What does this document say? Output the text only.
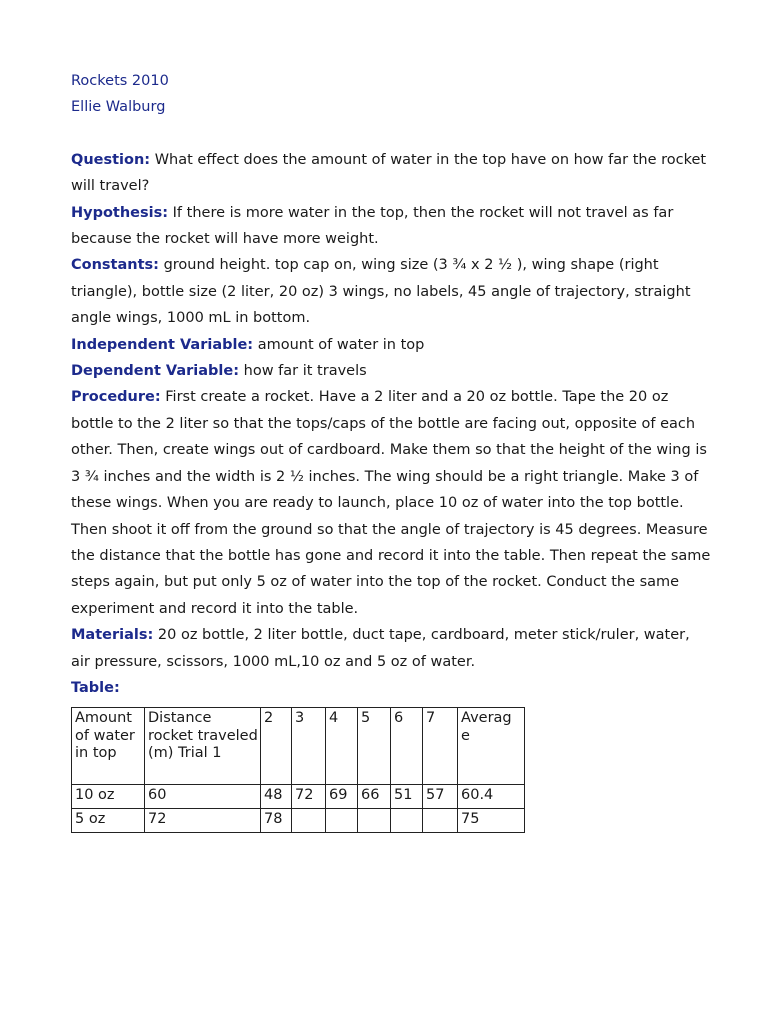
Rockets 2010

Ellie Walburg

Question: What effect does the amount of water in the top have on how far the rocket will travel?

Hypothesis: If there is more water in the top, then the rocket will not travel as far because the rocket will have more weight.

Constants: ground height. top cap on, wing size (3 ¾ x 2 ½ ), wing shape (right triangle), bottle size (2 liter, 20 oz) 3 wings, no labels, 45 angle of trajectory, straight angle wings, 1000 mL in bottom.

Independent Variable: amount of water in top

Dependent Variable: how far it travels

Procedure: First create a rocket. Have a 2 liter and a 20 oz bottle. Tape the 20 oz bottle to the 2 liter so that the tops/caps of the bottle are facing out, opposite of each other. Then, create wings out of cardboard. Make them so that the height of the wing is 3 ¾ inches and the width is 2 ½ inches. The wing should be a right triangle. Make 3 of these wings. When you are ready to launch, place 10 oz of water into the top bottle. Then shoot it off from the ground so that the angle of trajectory is 45 degrees. Measure the distance that the bottle has gone and record it into the table. Then repeat the same steps again, but put only 5 oz of water into the top of the rocket. Conduct the same experiment and record it into the table.

Materials: 20 oz bottle, 2 liter bottle, duct tape, cardboard, meter stick/ruler, water, air pressure, scissors, 1000 mL,10 oz and 5 oz of water.

Table:

Amount of water in top	Distance rocket traveled (m) Trial 1	2	3	4	5	6	7	Averag e
10 oz	60	48	72	69	66	51	57	60.4
5 oz	72	78						75
